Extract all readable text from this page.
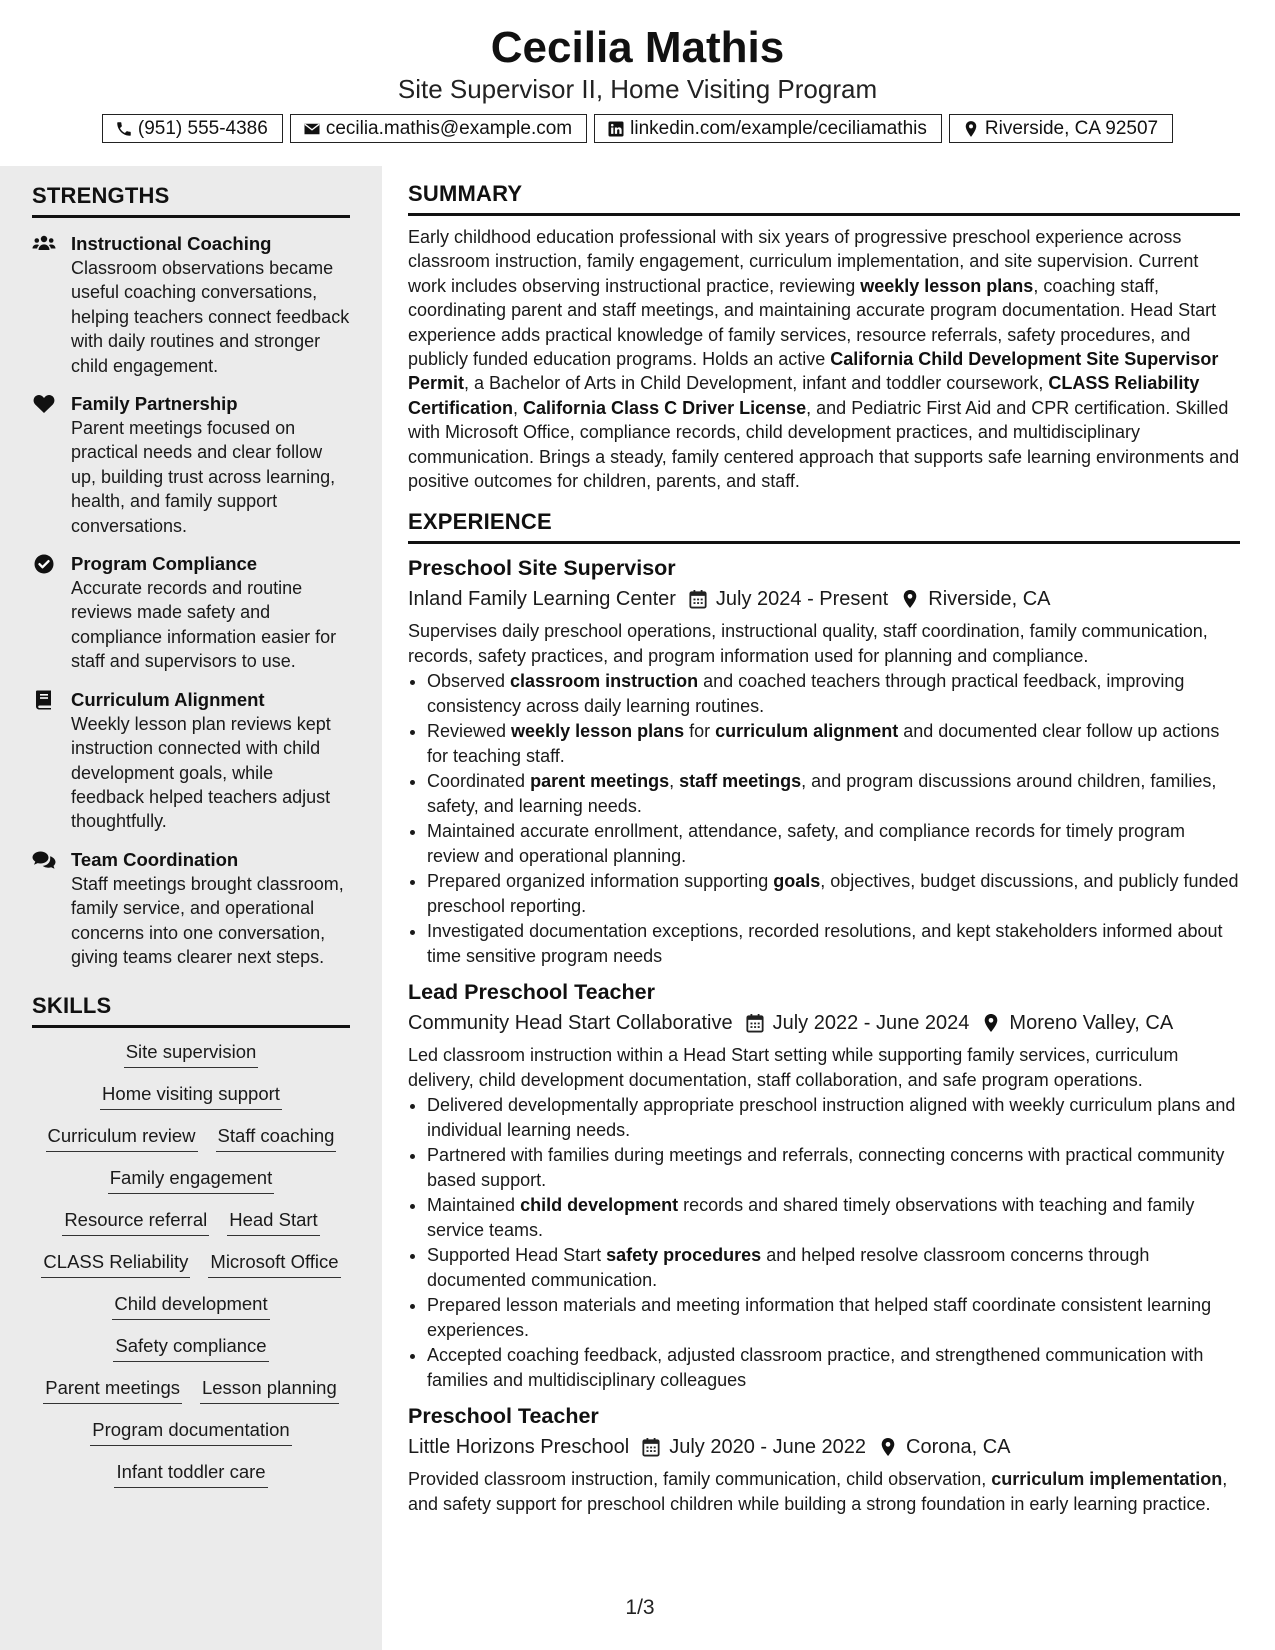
Cecilia Mathis
Site Supervisor II, Home Visiting Program
(951) 555-4386	cecilia.mathis@example.com	linkedin.com/example/ceciliamathis	Riverside, CA 92507
STRENGTHS
Instructional Coaching
Classroom observations became useful coaching conversations, helping teachers connect feedback with daily routines and stronger child engagement.
Family Partnership
Parent meetings focused on practical needs and clear follow up, building trust across learning, health, and family support conversations.
Program Compliance
Accurate records and routine reviews made safety and compliance information easier for staff and supervisors to use.
Curriculum Alignment
Weekly lesson plan reviews kept instruction connected with child development goals, while feedback helped teachers adjust thoughtfully.
Team Coordination
Staff meetings brought classroom, family service, and operational concerns into one conversation, giving teams clearer next steps.
SKILLS
Site supervision
Home visiting support
Curriculum review Staff coaching
Family engagement
Resource referral Head Start
CLASS Reliability Microsoft Office
Child development
Safety compliance
Parent meetings Lesson planning
Program documentation
Infant toddler care
SUMMARY
Early childhood education professional with six years of progressive preschool experience across classroom instruction, family engagement, curriculum implementation, and site supervision. Current work includes observing instructional practice, reviewing weekly lesson plans, coaching staff, coordinating parent and staff meetings, and maintaining accurate program documentation. Head Start experience adds practical knowledge of family services, resource referrals, safety procedures, and publicly funded education programs. Holds an active California Child Development Site Supervisor Permit, a Bachelor of Arts in Child Development, infant and toddler coursework, CLASS Reliability Certification, California Class C Driver License, and Pediatric First Aid and CPR certification. Skilled with Microsoft Office, compliance records, child development practices, and multidisciplinary communication. Brings a steady, family centered approach that supports safe learning environments and positive outcomes for children, parents, and staff.
EXPERIENCE
Preschool Site Supervisor
Inland Family Learning Center July 2024 - Present Riverside, CA
Supervises daily preschool operations, instructional quality, staff coordination, family communication, records, safety practices, and program information used for planning and compliance.
• Observed classroom instruction and coached teachers through practical feedback, improving consistency across daily learning routines.
• Reviewed weekly lesson plans for curriculum alignment and documented clear follow up actions for teaching staff.
• Coordinated parent meetings, staff meetings, and program discussions around children, families, safety, and learning needs.
• Maintained accurate enrollment, attendance, safety, and compliance records for timely program review and operational planning.
• Prepared organized information supporting goals, objectives, budget discussions, and publicly funded preschool reporting.
• Investigated documentation exceptions, recorded resolutions, and kept stakeholders informed about time sensitive program needs
Lead Preschool Teacher
Community Head Start Collaborative July 2022 - June 2024 Moreno Valley, CA
Led classroom instruction within a Head Start setting while supporting family services, curriculum delivery, child development documentation, staff collaboration, and safe program operations.
• Delivered developmentally appropriate preschool instruction aligned with weekly curriculum plans and individual learning needs.
• Partnered with families during meetings and referrals, connecting concerns with practical community based support.
• Maintained child development records and shared timely observations with teaching and family service teams.
• Supported Head Start safety procedures and helped resolve classroom concerns through documented communication.
• Prepared lesson materials and meeting information that helped staff coordinate consistent learning experiences.
• Accepted coaching feedback, adjusted classroom practice, and strengthened communication with families and multidisciplinary colleagues
Preschool Teacher
Little Horizons Preschool July 2020 - June 2022 Corona, CA
Provided classroom instruction, family communication, child observation, curriculum implementation, and safety support for preschool children while building a strong foundation in early learning practice.
1/3
